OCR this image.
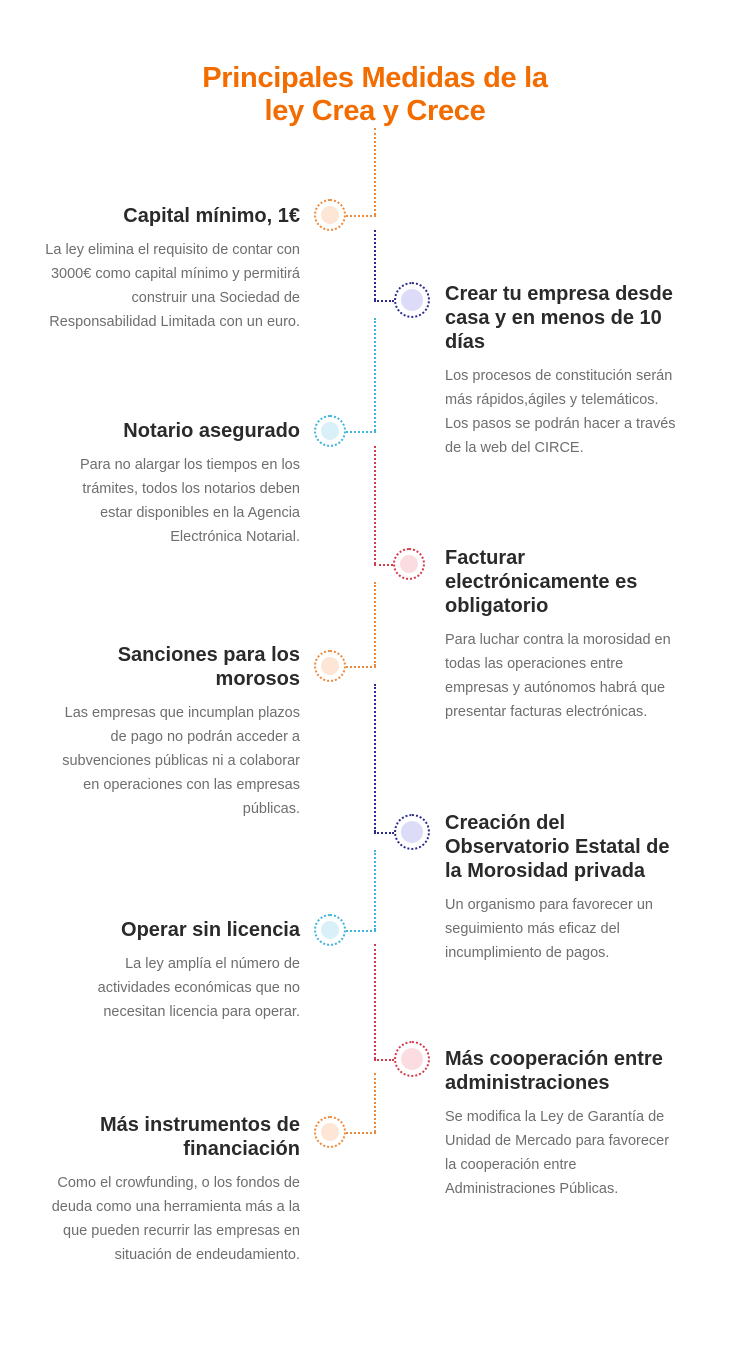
Principales Medidas de la
ley Crea y Crece
Capital mínimo, 1€

La ley elimina el requisito de contar con 3000€ como capital mínimo y permitirá construir una Sociedad de Responsabilidad Limitada con un euro.

Crear tu empresa desde casa y en menos de 10 días

Los procesos de constitución serán más rápidos,ágiles y telemáticos. Los pasos se podrán hacer a través de la web del CIRCE.

Notario asegurado

Para no alargar los tiempos en los trámites, todos los notarios deben estar disponibles en la Agencia Electrónica Notarial.

Facturar electrónicamente es obligatorio

Para luchar contra la morosidad en todas las operaciones entre empresas y autónomos habrá que presentar facturas electrónicas.

Sanciones para los morosos

Las empresas que incumplan plazos de pago no podrán acceder a subvenciones públicas ni a colaborar en operaciones con las empresas públicas.

Creación del Observatorio Estatal de la Morosidad privada

Un organismo para favorecer un seguimiento más eficaz del incumplimiento de pagos.

Operar sin licencia

La ley amplía el número de actividades económicas que no necesitan licencia para operar.

Más cooperación entre administraciones

Se modifica la Ley de Garantía de Unidad de Mercado para favorecer la cooperación entre Administraciones Públicas.

Más instrumentos de financiación

Como el crowfunding, o los fondos de deuda como una herramienta más a la que pueden recurrir las empresas en situación de endeudamiento.
